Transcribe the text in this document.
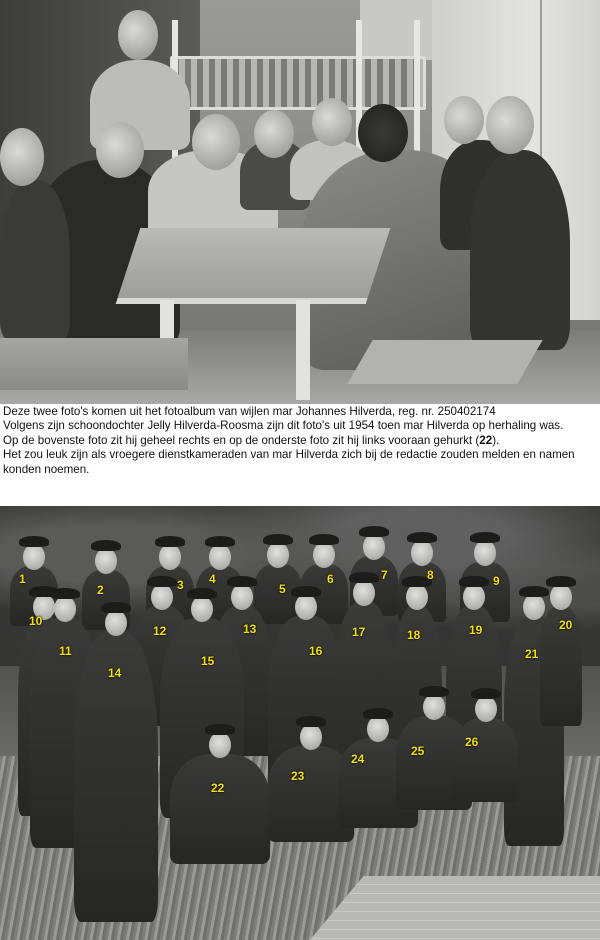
Deze twee foto's komen uit het fotoalbum van wijlen mar Johannes Hilverda, reg. nr. 250402174

Volgens zijn schoondochter Jelly Hilverda-Roosma zijn dit foto's uit 1954 toen mar Hilverda op herhaling was.

Op de bovenste foto zit hij geheel rechts en op de onderste foto zit hij links vooraan gehurkt (22).

Het zou leuk zijn als vroegere dienstkameraden van mar Hilverda zich bij de redactie zouden melden en namen konden noemen.

1
2	3 4
5
6	7	8	9
10
11
12	13
14
15
16
17	18	19	20
21
22
23
24
25
26
